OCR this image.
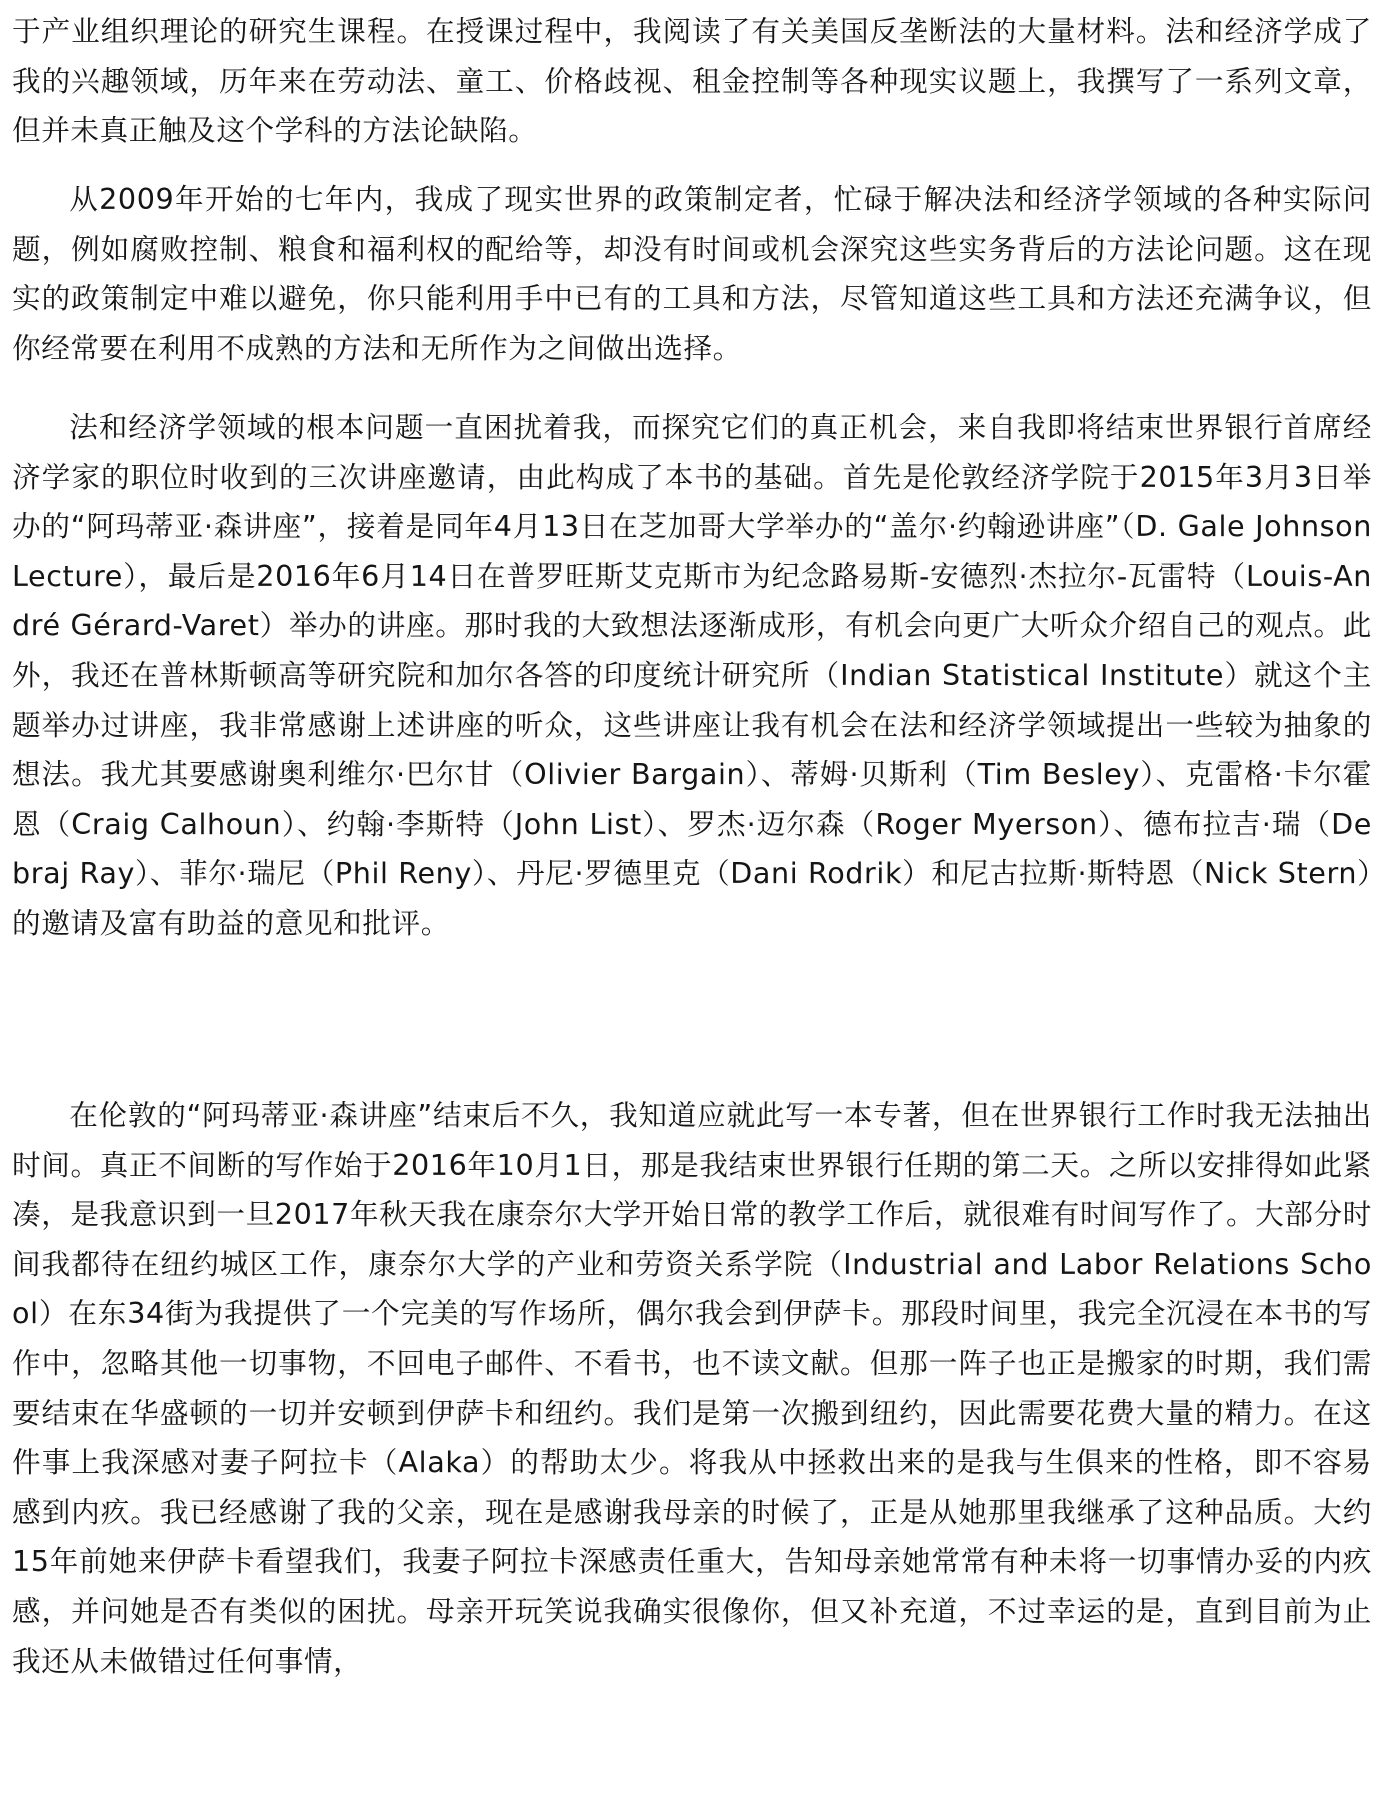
于产业组织理论的研究生课程。在授课过程中，我阅读了有关美国反垄断法的大量材料。法和经济学成了我的兴趣领域，历年来在劳动法、童工、价格歧视、租金控制等各种现实议题上，我撰写了一系列文章，但并未真正触及这个学科的方法论缺陷。

从2009年开始的七年内，我成了现实世界的政策制定者，忙碌于解决法和经济学领域的各种实际问题，例如腐败控制、粮食和福利权的配给等，却没有时间或机会深究这些实务背后的方法论问题。这在现实的政策制定中难以避免，你只能利用手中已有的工具和方法，尽管知道这些工具和方法还充满争议，但你经常要在利用不成熟的方法和无所作为之间做出选择。

法和经济学领域的根本问题一直困扰着我，而探究它们的真正机会，来自我即将结束世界银行首席经济学家的职位时收到的三次讲座邀请，由此构成了本书的基础。首先是伦敦经济学院于2015年3月3日举办的“阿玛蒂亚·森讲座”，接着是同年4月13日在芝加哥大学举办的“盖尔·约翰逊讲座”（D. Gale Johnson Lecture），最后是2016年6月14日在普罗旺斯艾克斯市为纪念路易斯-安德烈·杰拉尔-瓦雷特（Louis-André Gérard-Varet）举办的讲座。那时我的大致想法逐渐成形，有机会向更广大听众介绍自己的观点。此外，我还在普林斯顿高等研究院和加尔各答的印度统计研究所（Indian Statistical Institute）就这个主题举办过讲座，我非常感谢上述讲座的听众，这些讲座让我有机会在法和经济学领域提出一些较为抽象的想法。我尤其要感谢奥利维尔·巴尔甘（Olivier Bargain）、蒂姆·贝斯利（Tim Besley）、克雷格·卡尔霍恩（Craig Calhoun）、约翰·李斯特（John List）、罗杰·迈尔森（Roger Myerson）、德布拉吉·瑞（Debraj Ray）、菲尔·瑞尼（Phil Reny）、丹尼·罗德里克（Dani Rodrik）和尼古拉斯·斯特恩（Nick Stern）的邀请及富有助益的意见和批评。

在伦敦的“阿玛蒂亚·森讲座”结束后不久，我知道应就此写一本专著，但在世界银行工作时我无法抽出时间。真正不间断的写作始于2016年10月1日，那是我结束世界银行任期的第二天。之所以安排得如此紧凑，是我意识到一旦2017年秋天我在康奈尔大学开始日常的教学工作后，就很难有时间写作了。大部分时间我都待在纽约城区工作，康奈尔大学的产业和劳资关系学院（Industrial and Labor Relations School）在东34街为我提供了一个完美的写作场所，偶尔我会到伊萨卡。那段时间里，我完全沉浸在本书的写作中，忽略其他一切事物，不回电子邮件、不看书，也不读文献。但那一阵子也正是搬家的时期，我们需要结束在华盛顿的一切并安顿到伊萨卡和纽约。我们是第一次搬到纽约，因此需要花费大量的精力。在这件事上我深感对妻子阿拉卡（Alaka）的帮助太少。将我从中拯救出来的是我与生俱来的性格，即不容易感到内疚。我已经感谢了我的父亲，现在是感谢我母亲的时候了，正是从她那里我继承了这种品质。大约15年前她来伊萨卡看望我们，我妻子阿拉卡深感责任重大，告知母亲她常常有种未将一切事情办妥的内疚感，并问她是否有类似的困扰。母亲开玩笑说我确实很像你，但又补充道，不过幸运的是，直到目前为止我还从未做错过任何事情，
